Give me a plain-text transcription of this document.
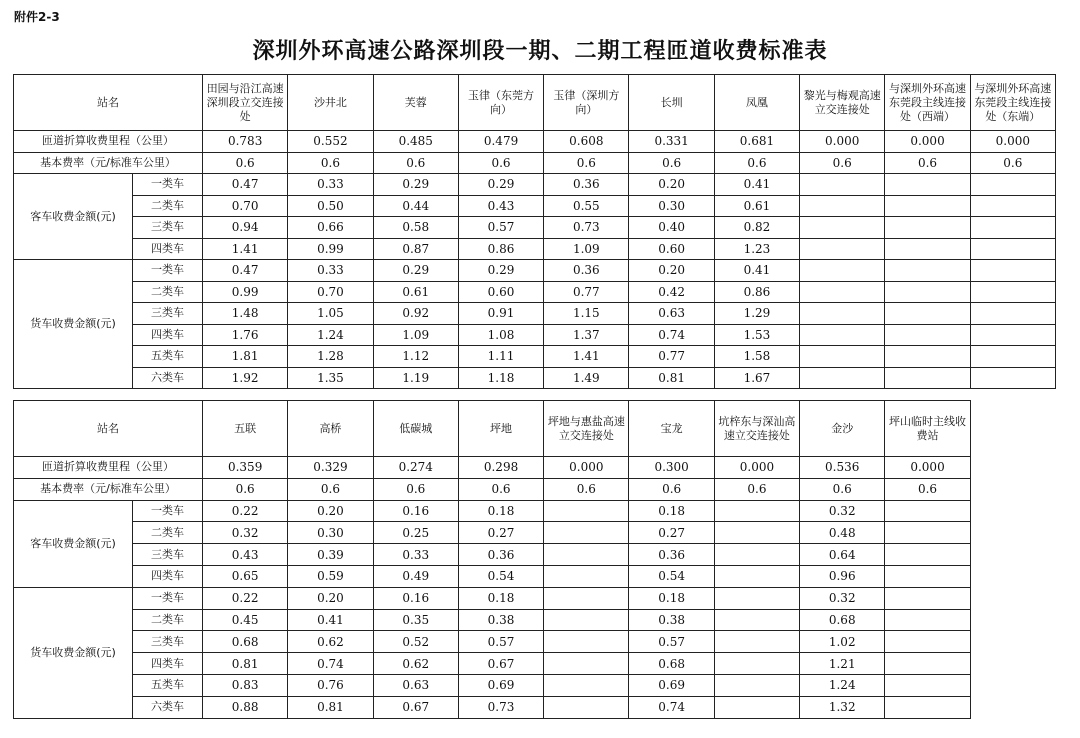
附件2-3
深圳外环高速公路深圳段一期、二期工程匝道收费标准表
站名		田园与沿江高速深圳段立交连接处	沙井北	芙蓉	玉律（东莞方向）	玉律（深圳方向）	长圳	凤凰	黎光与梅观高速立交连接处	与深圳外环高速东莞段主线连接处（西端）	与深圳外环高速东莞段主线连接处（东端）
匝道折算收费里程（公里）		0.783	0.552	0.485	0.479	0.608	0.331	0.681	0.000	0.000	0.000
基本费率（元/标准车公里）		0.6	0.6	0.6	0.6	0.6	0.6	0.6	0.6	0.6	0.6
客车收费金额(元)	一类车	0.47	0.33	0.29	0.29	0.36	0.20	0.41			
	二类车	0.70	0.50	0.44	0.43	0.55	0.30	0.61			
	三类车	0.94	0.66	0.58	0.57	0.73	0.40	0.82			
	四类车	1.41	0.99	0.87	0.86	1.09	0.60	1.23			
货车收费金额(元)	一类车	0.47	0.33	0.29	0.29	0.36	0.20	0.41			
	二类车	0.99	0.70	0.61	0.60	0.77	0.42	0.86			
	三类车	1.48	1.05	0.92	0.91	1.15	0.63	1.29			
	四类车	1.76	1.24	1.09	1.08	1.37	0.74	1.53			
	五类车	1.81	1.28	1.12	1.11	1.41	0.77	1.58			
	六类车	1.92	1.35	1.19	1.18	1.49	0.81	1.67			
站名		五联	高桥	低碳城	坪地	坪地与惠盐高速立交连接处	宝龙	坑梓东与深汕高速立交连接处	金沙	坪山临时主线收费站
匝道折算收费里程（公里）		0.359	0.329	0.274	0.298	0.000	0.300	0.000	0.536	0.000
基本费率（元/标准车公里）		0.6	0.6	0.6	0.6	0.6	0.6	0.6	0.6	0.6
客车收费金额(元)	一类车	0.22	0.20	0.16	0.18		0.18		0.32	
	二类车	0.32	0.30	0.25	0.27		0.27		0.48	
	三类车	0.43	0.39	0.33	0.36		0.36		0.64	
	四类车	0.65	0.59	0.49	0.54		0.54		0.96	
货车收费金额(元)	一类车	0.22	0.20	0.16	0.18		0.18		0.32	
	二类车	0.45	0.41	0.35	0.38		0.38		0.68	
	三类车	0.68	0.62	0.52	0.57		0.57		1.02	
	四类车	0.81	0.74	0.62	0.67		0.68		1.21	
	五类车	0.83	0.76	0.63	0.69		0.69		1.24	
	六类车	0.88	0.81	0.67	0.73		0.74		1.32	
